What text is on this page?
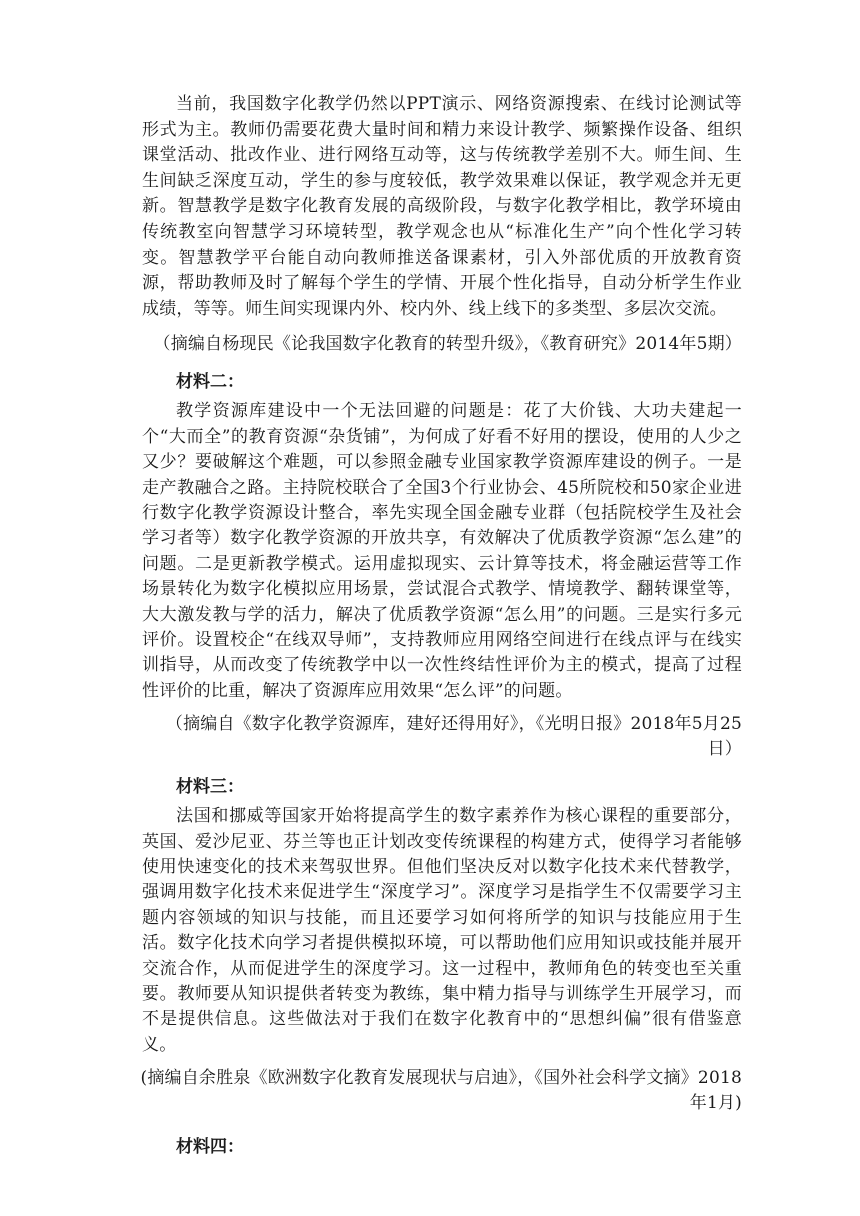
当前，我国数字化教学仍然以PPT演示、网络资源搜索、在线讨论测试等形式为主。教师仍需要花费大量时间和精力来设计教学、频繁操作设备、组织课堂活动、批改作业、进行网络互动等，这与传统教学差别不大。师生间、生生间缺乏深度互动，学生的参与度较低，教学效果难以保证，教学观念并无更新。智慧教学是数字化教育发展的高级阶段，与数字化教学相比，教学环境由传统教室向智慧学习环境转型，教学观念也从“标准化生产”向个性化学习转变。智慧教学平台能自动向教师推送备课素材，引入外部优质的开放教育资源，帮助教师及时了解每个学生的学情、开展个性化指导，自动分析学生作业成绩，等等。师生间实现课内外、校内外、线上线下的多类型、多层次交流。

（摘编自杨现民《论我国数字化教育的转型升级》，《教育研究》2014年5期）

材料二：

教学资源库建设中一个无法回避的问题是：花了大价钱、大功夫建起一个“大而全”的教育资源“杂货铺”，为何成了好看不好用的摆设，使用的人少之又少？要破解这个难题，可以参照金融专业国家教学资源库建设的例子。一是走产教融合之路。主持院校联合了全国3个行业协会、45所院校和50家企业进行数字化教学资源设计整合，率先实现全国金融专业群（包括院校学生及社会学习者等）数字化教学资源的开放共享，有效解决了优质教学资源“怎么建”的问题。二是更新教学模式。运用虚拟现实、云计算等技术，将金融运营等工作场景转化为数字化模拟应用场景，尝试混合式教学、情境教学、翻转课堂等，大大激发教与学的活力，解决了优质教学资源“怎么用”的问题。三是实行多元评价。设置校企“在线双导师”，支持教师应用网络空间进行在线点评与在线实训指导，从而改变了传统教学中以一次性终结性评价为主的模式，提高了过程性评价的比重，解决了资源库应用效果“怎么评”的问题。

（摘编自《数字化教学资源库，建好还得用好》，《光明日报》2018年5月25日）

材料三：

法国和挪威等国家开始将提高学生的数字素养作为核心课程的重要部分，英国、爱沙尼亚、芬兰等也正计划改变传统课程的构建方式，使得学习者能够使用快速变化的技术来驾驭世界。但他们坚决反对以数字化技术来代替教学，强调用数字化技术来促进学生“深度学习”。深度学习是指学生不仅需要学习主题内容领域的知识与技能，而且还要学习如何将所学的知识与技能应用于生活。数字化技术向学习者提供模拟环境，可以帮助他们应用知识或技能并展开交流合作，从而促进学生的深度学习。这一过程中，教师角色的转变也至关重要。教师要从知识提供者转变为教练，集中精力指导与训练学生开展学习，而不是提供信息。这些做法对于我们在数字化教育中的“思想纠偏”很有借鉴意义。

(摘编自余胜泉《欧洲数字化教育发展现状与启迪》，《国外社会科学文摘》2018年1月)

材料四：
